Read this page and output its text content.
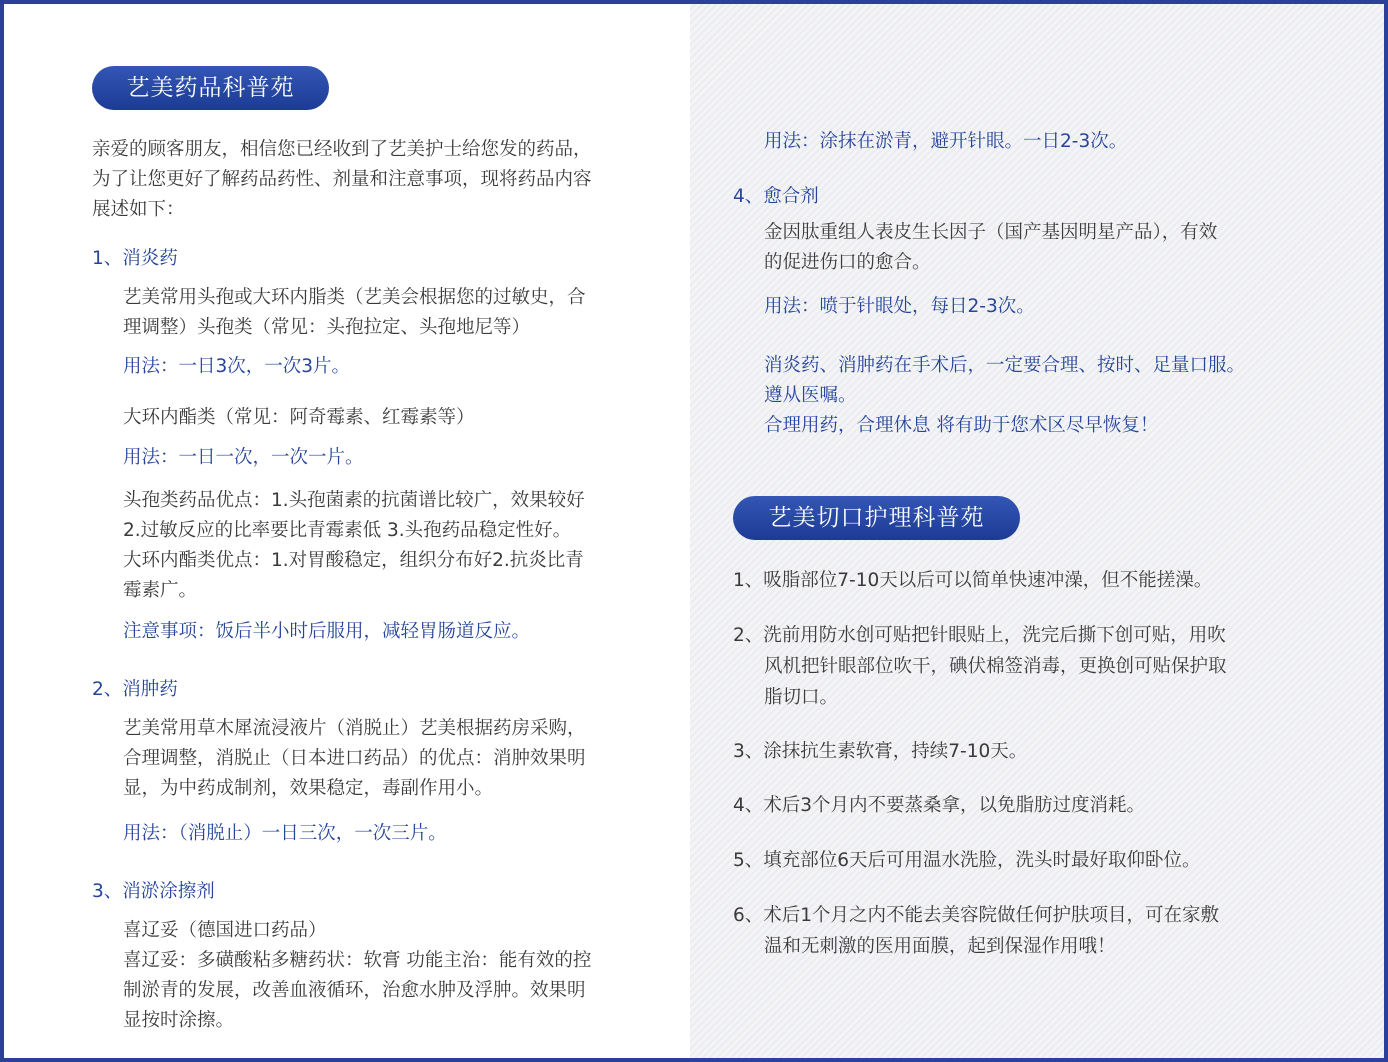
艺美药品科普苑

亲爱的顾客朋友，相信您已经收到了艺美护士给您发的药品，

为了让您更好了解药品药性、剂量和注意事项，现将药品内容

展述如下：

1、消炎药

艺美常用头孢或大环内脂类（艺美会根据您的过敏史，合

理调整）头孢类（常见：头孢拉定、头孢地尼等）

用法：一日3次，一次3片。

大环内酯类（常见：阿奇霉素、红霉素等）

用法：一日一次，一次一片。

头孢类药品优点：1.头孢菌素的抗菌谱比较广，效果较好

2.过敏反应的比率要比青霉素低 3.头孢药品稳定性好。

大环内酯类优点：1.对胃酸稳定，组织分布好2.抗炎比青

霉素广。

注意事项：饭后半小时后服用，减轻胃肠道反应。

2、消肿药

艺美常用草木犀流浸液片（消脱止）艺美根据药房采购，

合理调整，消脱止（日本进口药品）的优点：消肿效果明

显，为中药成制剂，效果稳定，毒副作用小。

用法：（消脱止）一日三次，一次三片。

3、消淤涂擦剂

喜辽妥（德国进口药品）

喜辽妥：多磺酸粘多糖药状：软膏 功能主治：能有效的控

制淤青的发展，改善血液循环，治愈水肿及浮肿。效果明

显按时涂擦。

用法：涂抹在淤青，避开针眼。一日2-3次。

4、愈合剂

金因肽重组人表皮生长因子（国产基因明星产品），有效

的促进伤口的愈合。

用法：喷于针眼处，每日2-3次。

消炎药、消肿药在手术后，一定要合理、按时、足量口服。

遵从医嘱。

合理用药，合理休息 将有助于您术区尽早恢复！

艺美切口护理科普苑

1、吸脂部位7-10天以后可以简单快速冲澡，但不能搓澡。

2、洗前用防水创可贴把针眼贴上，洗完后撕下创可贴，用吹

风机把针眼部位吹干，碘伏棉签消毒，更换创可贴保护取

脂切口。

3、涂抹抗生素软膏，持续7-10天。

4、术后3个月内不要蒸桑拿，以免脂肪过度消耗。

5、填充部位6天后可用温水洗脸，洗头时最好取仰卧位。

6、术后1个月之内不能去美容院做任何护肤项目，可在家敷

温和无刺激的医用面膜，起到保湿作用哦！
